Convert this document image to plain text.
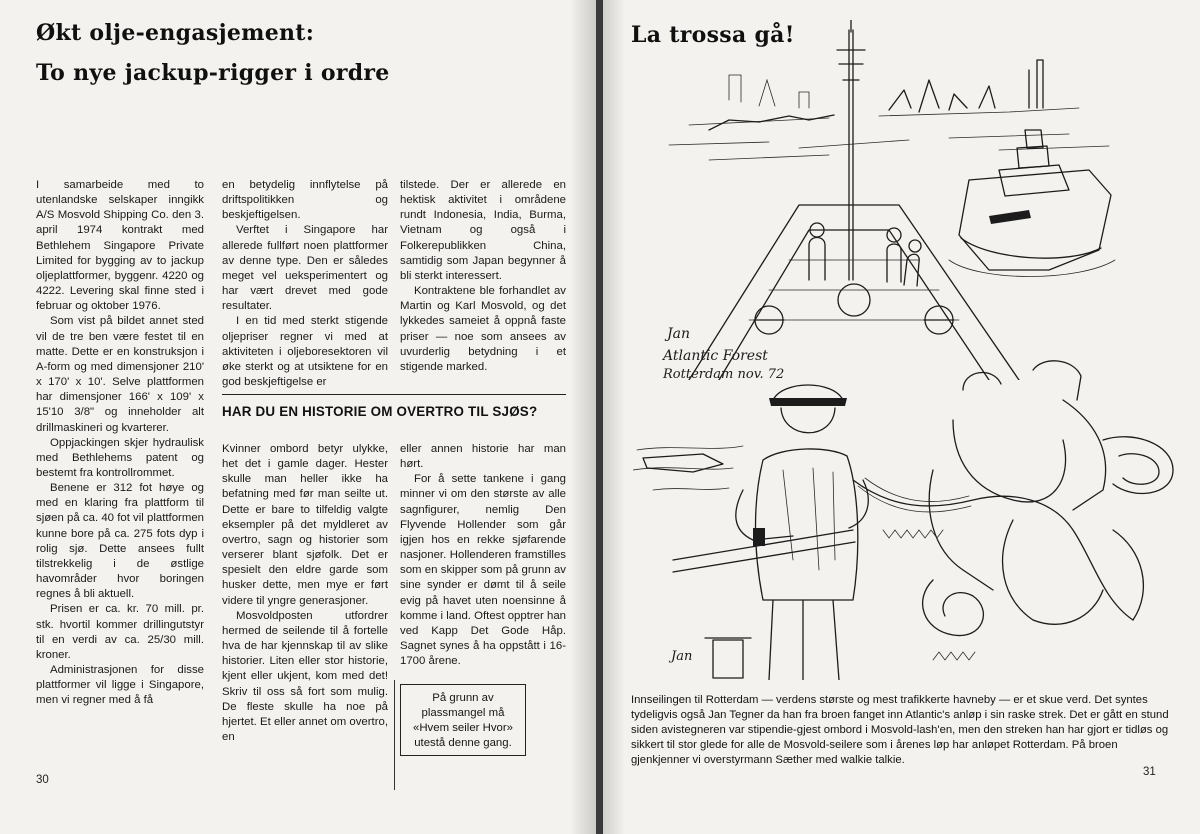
Økt olje-engasjement:
To nye jackup-rigger i ordre

I samarbeide med to utenlandske selskaper inngikk A/S Mosvold Shipping Co. den 3. april 1974 kontrakt med Bethlehem Singapore Private Limited for bygging av to jackup oljeplattformer, byggenr. 4220 og 4222. Levering skal finne sted i februar og oktober 1976.

Som vist på bildet annet sted vil de tre ben være festet til en matte. Dette er en konstruksjon i A-form og med dimensjoner 210' x 170' x 10'. Selve plattformen har dimensjoner 166' x 109' x 15'10 3/8" og inneholder alt drillmaskineri og kvarterer.

Oppjackingen skjer hydraulisk med Bethlehems patent og bestemt fra kontrollrommet.

Benene er 312 fot høye og med en klaring fra plattform til sjøen på ca. 40 fot vil plattformen kunne bore på ca. 275 fots dyp i rolig sjø. Dette ansees fullt tilstrekkelig i de østlige havområder hvor boringen regnes å bli aktuell.

Prisen er ca. kr. 70 mill. pr. stk. hvortil kommer drillingutstyr til en verdi av ca. 25/30 mill. kroner.

Administrasjonen for disse plattformer vil ligge i Singapore, men vi regner med å få

en betydelig innflytelse på driftspolitikken og beskjeftigelsen.

Verftet i Singapore har allerede fullført noen plattformer av denne type. Den er således meget vel ueksperimentert og har vært drevet med gode resultater.

I en tid med sterkt stigende oljepriser regner vi med at aktiviteten i oljeboresektoren vil øke sterkt og at utsiktene for en god beskjeftigelse er

tilstede. Der er allerede en hektisk aktivitet i områdene rundt Indonesia, India, Burma, Vietnam og også i Folkerepublikken China, samtidig som Japan begynner å bli sterkt interessert.

Kontraktene ble forhandlet av Martin og Karl Mosvold, og det lykkedes sameiet å oppnå faste priser — noe som ansees av uvurderlig betydning i et stigende marked.

HAR DU EN HISTORIE OM OVERTRO TIL SJØS?

Kvinner ombord betyr ulykke, het det i gamle dager. Hester skulle man heller ikke ha befatning med før man seilte ut. Dette er bare to tilfeldig valgte eksempler på det myldleret av overtro, sagn og historier som verserer blant sjøfolk. Det er spesielt den eldre garde som husker dette, men mye er ført videre til yngre generasjoner.

Mosvoldposten utfordrer hermed de seilende til å fortelle hva de har kjennskap til av slike historier. Liten eller stor historie, kjent eller ukjent, kom med det! Skriv til oss så fort som mulig. De fleste skulle ha noe på hjertet. Et eller annet om overtro, en

eller annen historie har man hørt.

For å sette tankene i gang minner vi om den største av alle sagnfigurer, nemlig Den Flyvende Hollender som går igjen hos en rekke sjøfarende nasjoner. Hollenderen framstilles som en skipper som på grunn av sine synder er dømt til å seile evig på havet uten noensinne å komme i land. Oftest opptrer han ved Kapp Det Gode Håp. Sagnet synes å ha oppstått i 16-1700 årene.

På grunn av plassmangel må «Hvem seiler Hvor» utestå denne gang.
30
La trossa gå!
Jan
Atlantic Forest
Rotterdam nov. 72
Jan
Innseilingen til Rotterdam — verdens største og mest trafikkerte havneby — er et skue verd. Det syntes tydeligvis også Jan Tegner da han fra broen fanget inn Atlantic's anløp i sin raske strek. Det er gått en stund siden avistegneren var stipendie-gjest ombord i Mosvold-lash'en, men den streken han har gjort er tidløs og sikkert til stor glede for alle de Mosvold-seilere som i årenes løp har anløpet Rotterdam. På broen gjenkjenner vi overstyrmann Sæther med walkie talkie.
31
